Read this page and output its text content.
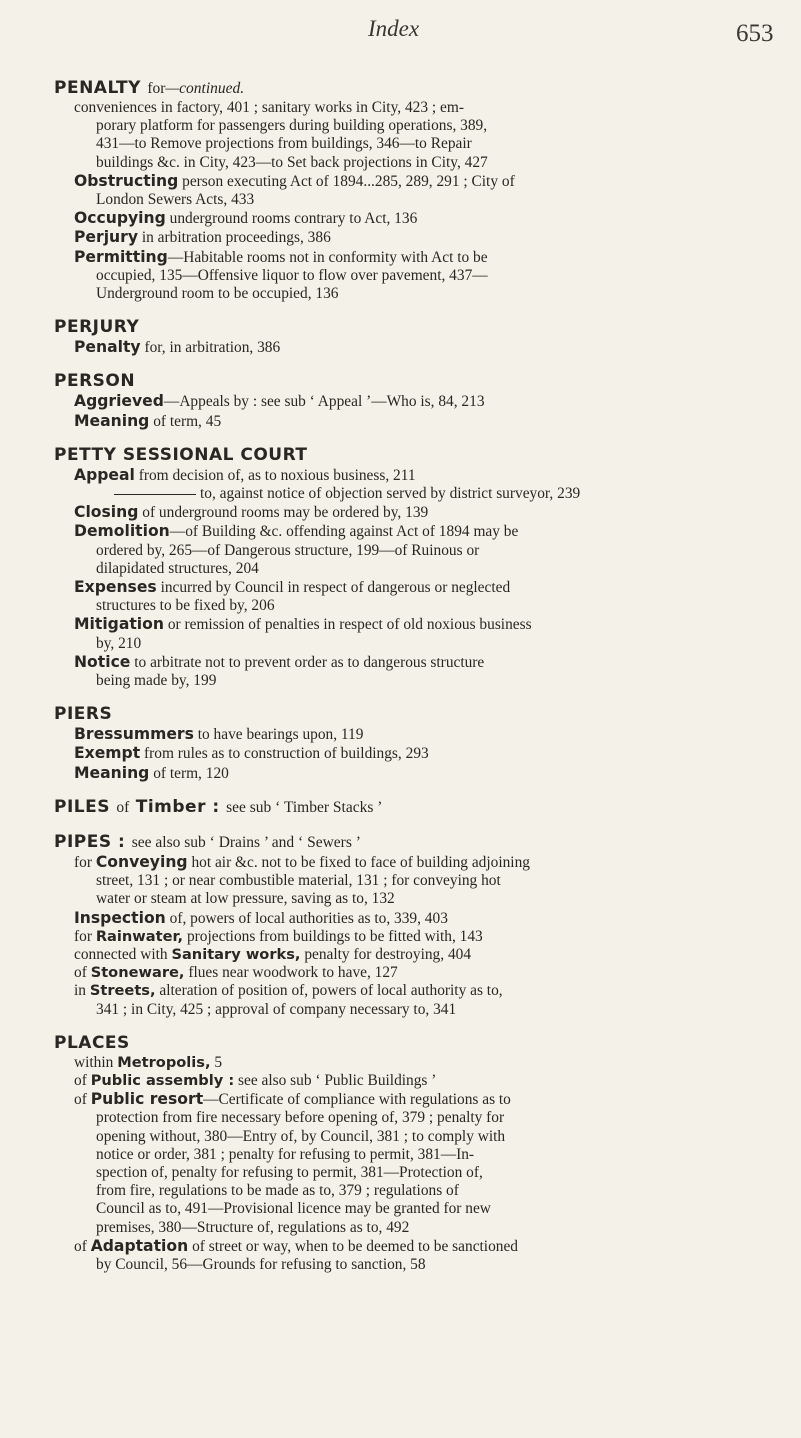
Index	653
PENALTY for—continued.
conveniences in factory, 401 ; sanitary works in City, 423 ; em-
porary platform for passengers during building operations, 389,
431—to Remove projections from buildings, 346—to Repair
buildings &c. in City, 423—to Set back projections in City, 427
Obstructing person executing Act of 1894...285, 289, 291 ; City of
London Sewers Acts, 433
Occupying underground rooms contrary to Act, 136
Perjury in arbitration proceedings, 386
Permitting—Habitable rooms not in conformity with Act to be
occupied, 135—Offensive liquor to flow over pavement, 437—
Underground room to be occupied, 136
PERJURY
Penalty for, in arbitration, 386
PERSON
Aggrieved—Appeals by : see sub ‘ Appeal ’—Who is, 84, 213
Meaning of term, 45
PETTY SESSIONAL COURT
Appeal from decision of, as to noxious business, 211
to, against notice of objection served by district surveyor, 239
Closing of underground rooms may be ordered by, 139
Demolition—of Building &c. offending against Act of 1894 may be
ordered by, 265—of Dangerous structure, 199—of Ruinous or
dilapidated structures, 204
Expenses incurred by Council in respect of dangerous or neglected
structures to be fixed by, 206
Mitigation or remission of penalties in respect of old noxious business
by, 210
Notice to arbitrate not to prevent order as to dangerous structure
being made by, 199
PIERS
Bressummers to have bearings upon, 119
Exempt from rules as to construction of buildings, 293
Meaning of term, 120
PILES of Timber : see sub ‘ Timber Stacks ’
PIPES : see also sub ‘ Drains ’ and ‘ Sewers ’
for Conveying hot air &c. not to be fixed to face of building adjoining
street, 131 ; or near combustible material, 131 ; for conveying hot
water or steam at low pressure, saving as to, 132
Inspection of, powers of local authorities as to, 339, 403
for Rainwater, projections from buildings to be fitted with, 143
connected with Sanitary works, penalty for destroying, 404
of Stoneware, flues near woodwork to have, 127
in Streets, alteration of position of, powers of local authority as to,
341 ; in City, 425 ; approval of company necessary to, 341
PLACES
within Metropolis, 5
of Public assembly : see also sub ‘ Public Buildings ’
of Public resort—Certificate of compliance with regulations as to
protection from fire necessary before opening of, 379 ; penalty for
opening without, 380—Entry of, by Council, 381 ; to comply with
notice or order, 381 ; penalty for refusing to permit, 381—In-
spection of, penalty for refusing to permit, 381—Protection of,
from fire, regulations to be made as to, 379 ; regulations of
Council as to, 491—Provisional licence may be granted for new
premises, 380—Structure of, regulations as to, 492
of Adaptation of street or way, when to be deemed to be sanctioned
by Council, 56—Grounds for refusing to sanction, 58
